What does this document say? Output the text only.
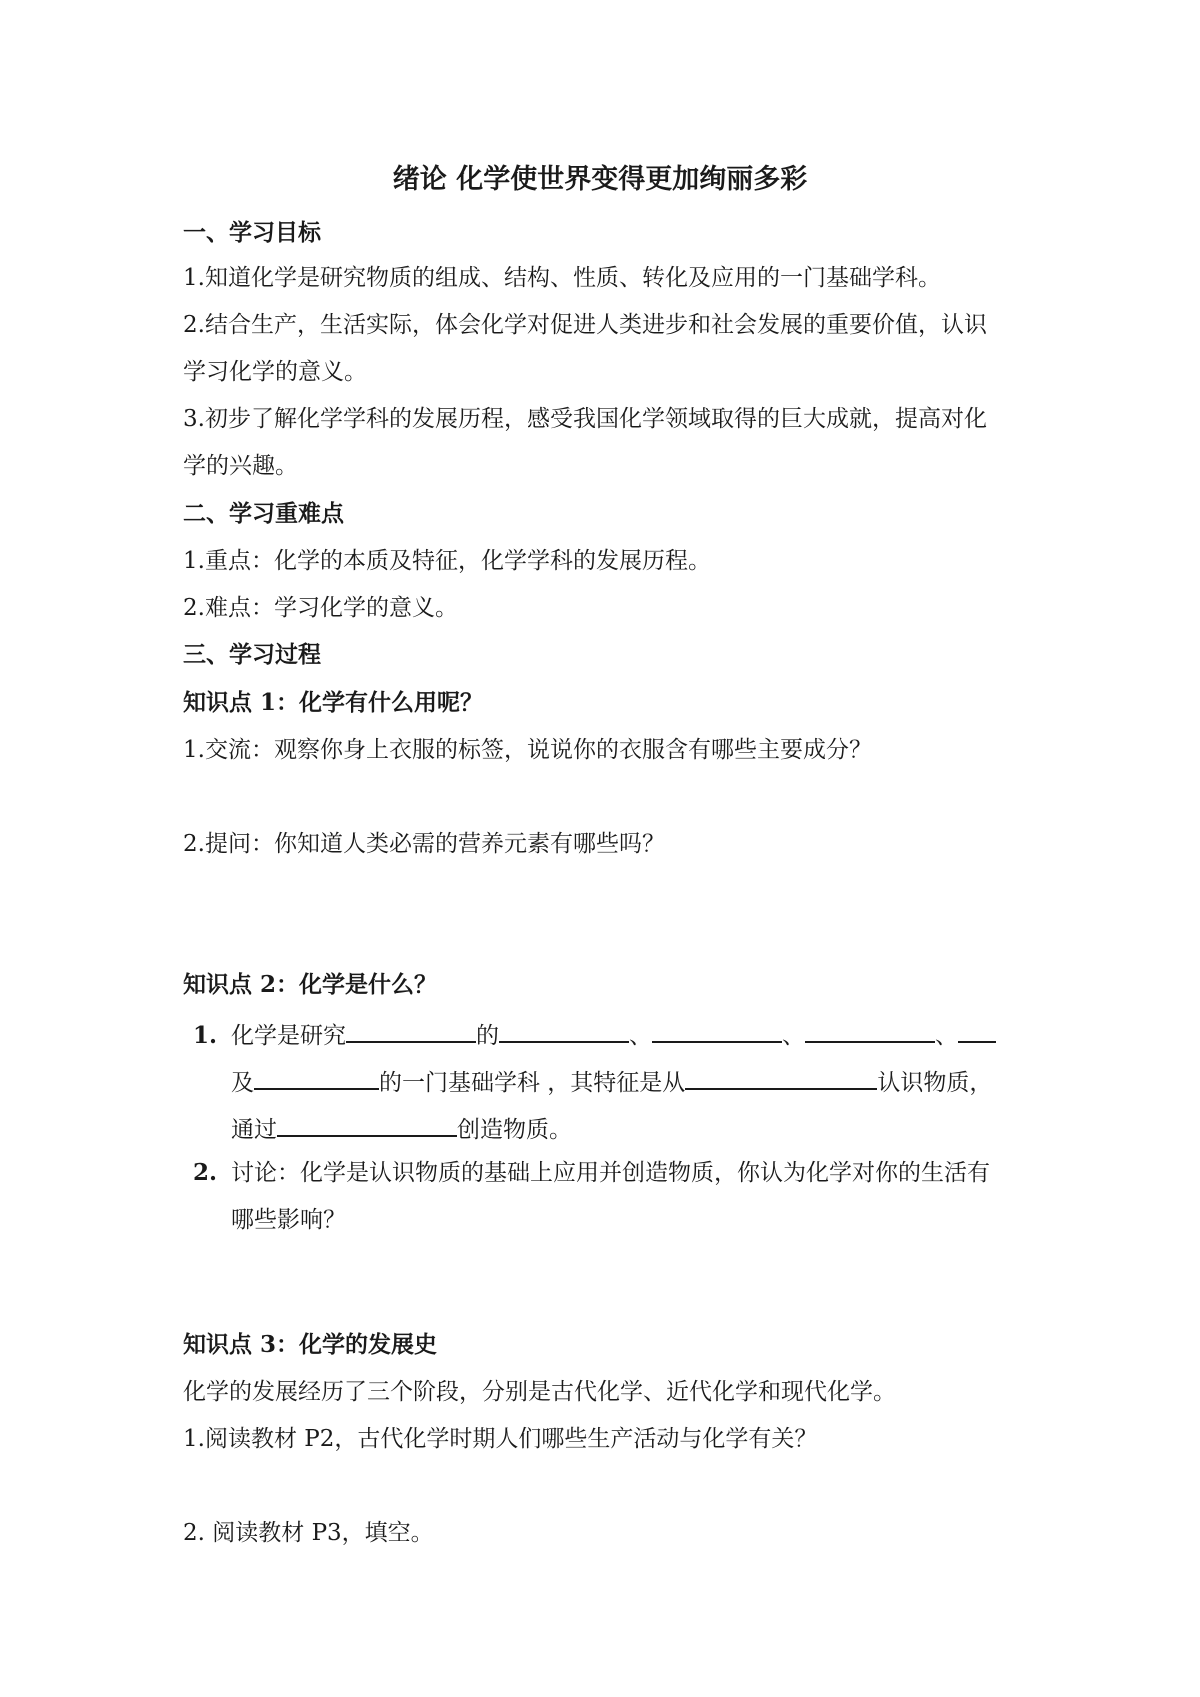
绪论 化学使世界变得更加绚丽多彩
一、学习目标
1.知道化学是研究物质的组成、结构、性质、转化及应用的一门基础学科。
2.结合生产，生活实际，体会化学对促进人类进步和社会发展的重要价值，认识
学习化学的意义。
3.初步了解化学学科的发展历程，感受我国化学领域取得的巨大成就，提高对化
学的兴趣。
二、学习重难点
1.重点：化学的本质及特征，化学学科的发展历程。
2.难点：学习化学的意义。
三、学习过程
知识点 1：化学有什么用呢？
1.交流：观察你身上衣服的标签，说说你的衣服含有哪些主要成分？
2.提问：你知道人类必需的营养元素有哪些吗？
知识点 2：化学是什么？
1. 化学是研究	的	、	、	、
及	的一门基础学科 ，其特征是从	认识物质，
通过	创造物质。
2. 讨论：化学是认识物质的基础上应用并创造物质，你认为化学对你的生活有
哪些影响？
知识点 3：化学的发展史
化学的发展经历了三个阶段，分别是古代化学、近代化学和现代化学。
1.阅读教材 P2，古代化学时期人们哪些生产活动与化学有关？
2. 阅读教材 P3，填空。
